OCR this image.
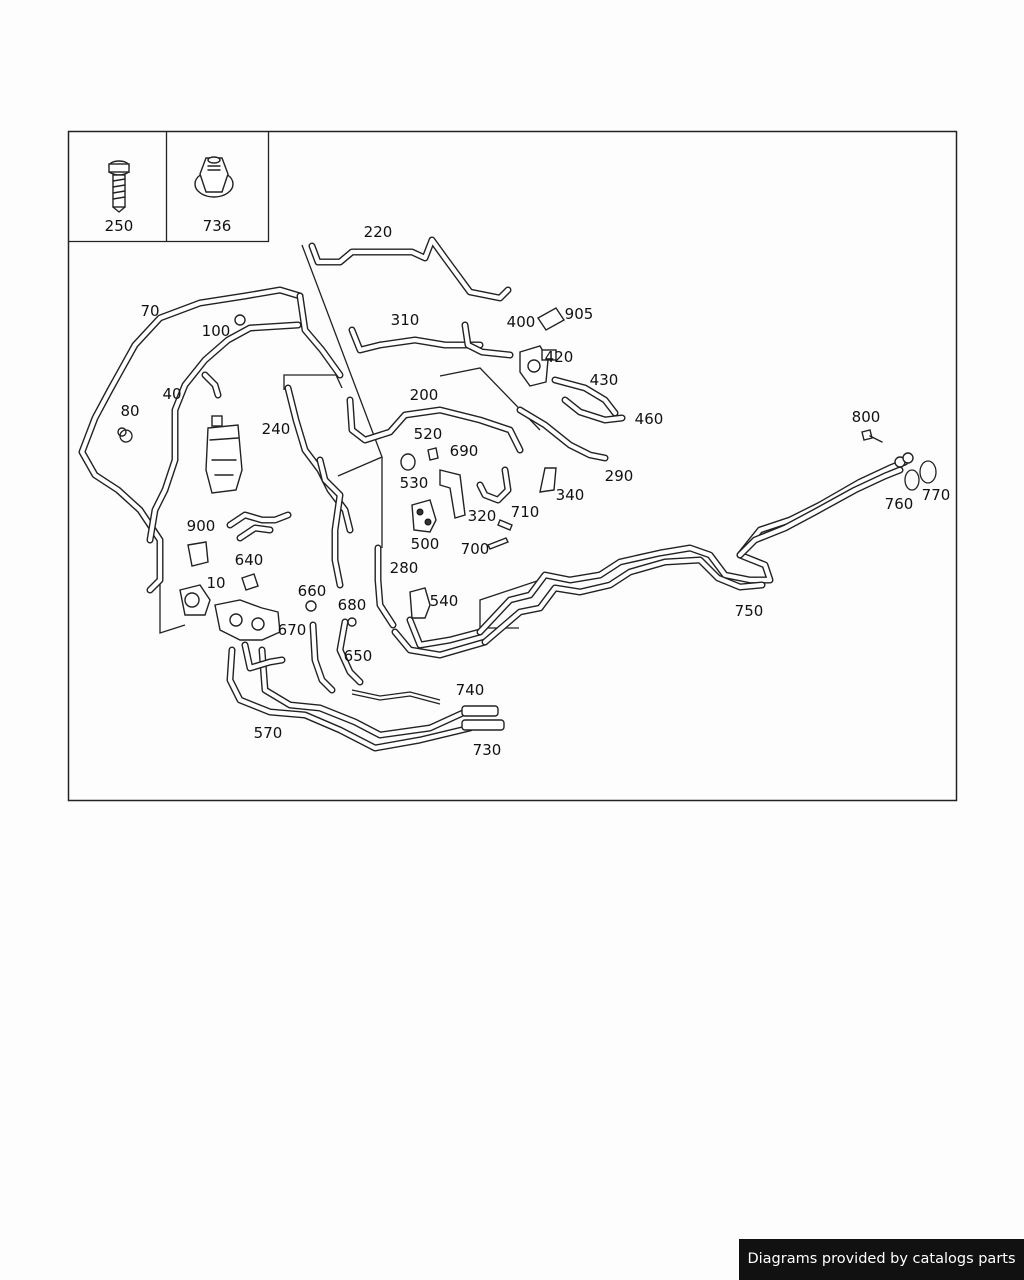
250	736	220
70
100
310	400 905
420
430
460
40
80
200
240	520
690
530	290
340
320 710
500 700
900
640
10
280
660
680	540
670
650
740
570
730
800
760 770
750
Diagrams provided by catalogs parts
